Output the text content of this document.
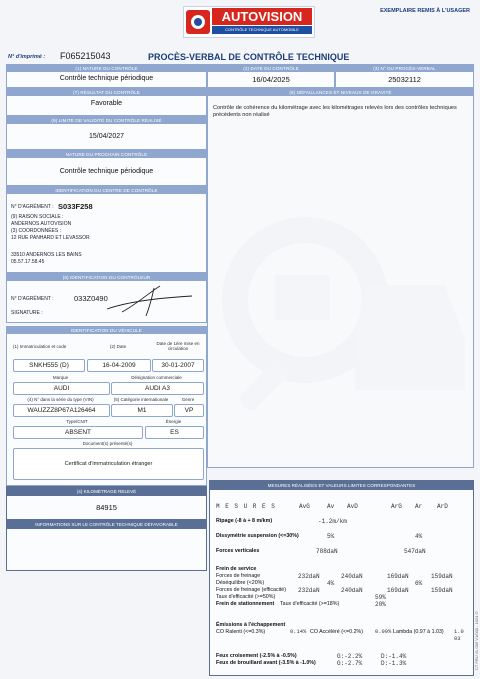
AUTOVISION
CONTRÔLE TECHNIQUE AUTOMOBILE
EXEMPLAIRE REMIS À L'USAGER
N° d'imprimé : F065215043	PROCÈS-VERBAL DE CONTRÔLE TECHNIQUE
(1) NATURE DU CONTRÔLE
Contrôle technique périodique
(2) DATE DU CONTRÔLE
16/04/2025
(3) N° DU PROCÈS-VERBAL
25032112
(7) RÉSULTAT DU CONTRÔLE
Favorable
(8) DÉFAILLANCES ET NIVEAUX DE GRAVITÉ
Contrôle de cohérence du kilométrage avec les kilométrages relevés lors des contrôles techniques précédents non réalisé
(9) LIMITE DE VALIDITÉ DU CONTRÔLE RÉALISÉ
15/04/2027
NATURE DU PROCHAIN CONTRÔLE
Contrôle technique périodique
IDENTIFICATION DU CENTRE DE CONTRÔLE
N° D'AGRÉMENT : S033F258
(9) RAISON SOCIALE :
ANDERNOS AUTOVISION
(3) COORDONNÉES :
12 RUE PANHARD ET LEVASSOR
33510 ANDERNOS LES BAINS
05.57.17.58.45
(6) IDENTIFICATION DU CONTRÔLEUR
N° D'AGRÉMENT :	033Z0490
SIGNATURE :
IDENTIFICATION DU VÉHICULE
(1) Immatriculation et code	(2) Date
Date de 1ère mise en circulation
SNKH555 (D)	16-04-2009	30-01-2007
Marque	Désignation commerciale
AUDI	AUDI A3
(4) N° dans la série du type (VIN)	(5) Catégorie internationale	Genre
WAUZZZ8P67A126464	M1	VP
Type/CNIT	Énergie
ABSENT	ES
Document(s) présenté(s)
Certificat d'immatriculation étranger
(4) KILOMÉTRAGE RELEVÉ
84915
INFORMATIONS SUR LE CONTRÔLE TECHNIQUE DÉFAVORABLE
MESURES RÉALISÉES ET VALEURS LIMITES CORRESPONDANTES
M E S U R E S	AvG	Av AvD	ArG Ar ArD
Ripage (-8 à + 8 m/km)	-1.2m/km
Dissymétrie suspension (<=30%)	5%	4%
Forces verticales	788daN	547daN
Frein de service
Forces de freinage	232daN	240daN	169daN	159daN
Déséquilibre (<20%)	4%	6%
Forces de freinage (efficacité) 232daN	240daN	169daN	159daN
Taux d'efficacité (>=50%)	59%
Frein de stationnement Taux d'efficacité (>=18%)	20%
Émissions à l'échappement
CO Ralenti (<=0.3%)	0.14% CO Accéléré (<=0.2%) 0.09% Lambda (0.97 à 1.03) 1.003
Feux croisement (-2.5% à -0.5%)	G:-2.2%	D:-1.4%
Feux de brouillard avant (-3.5% à -1.0%)	G:-2.7%	D:-1.3%	CT FRU VL 005 V1/000 - 1024 ©
